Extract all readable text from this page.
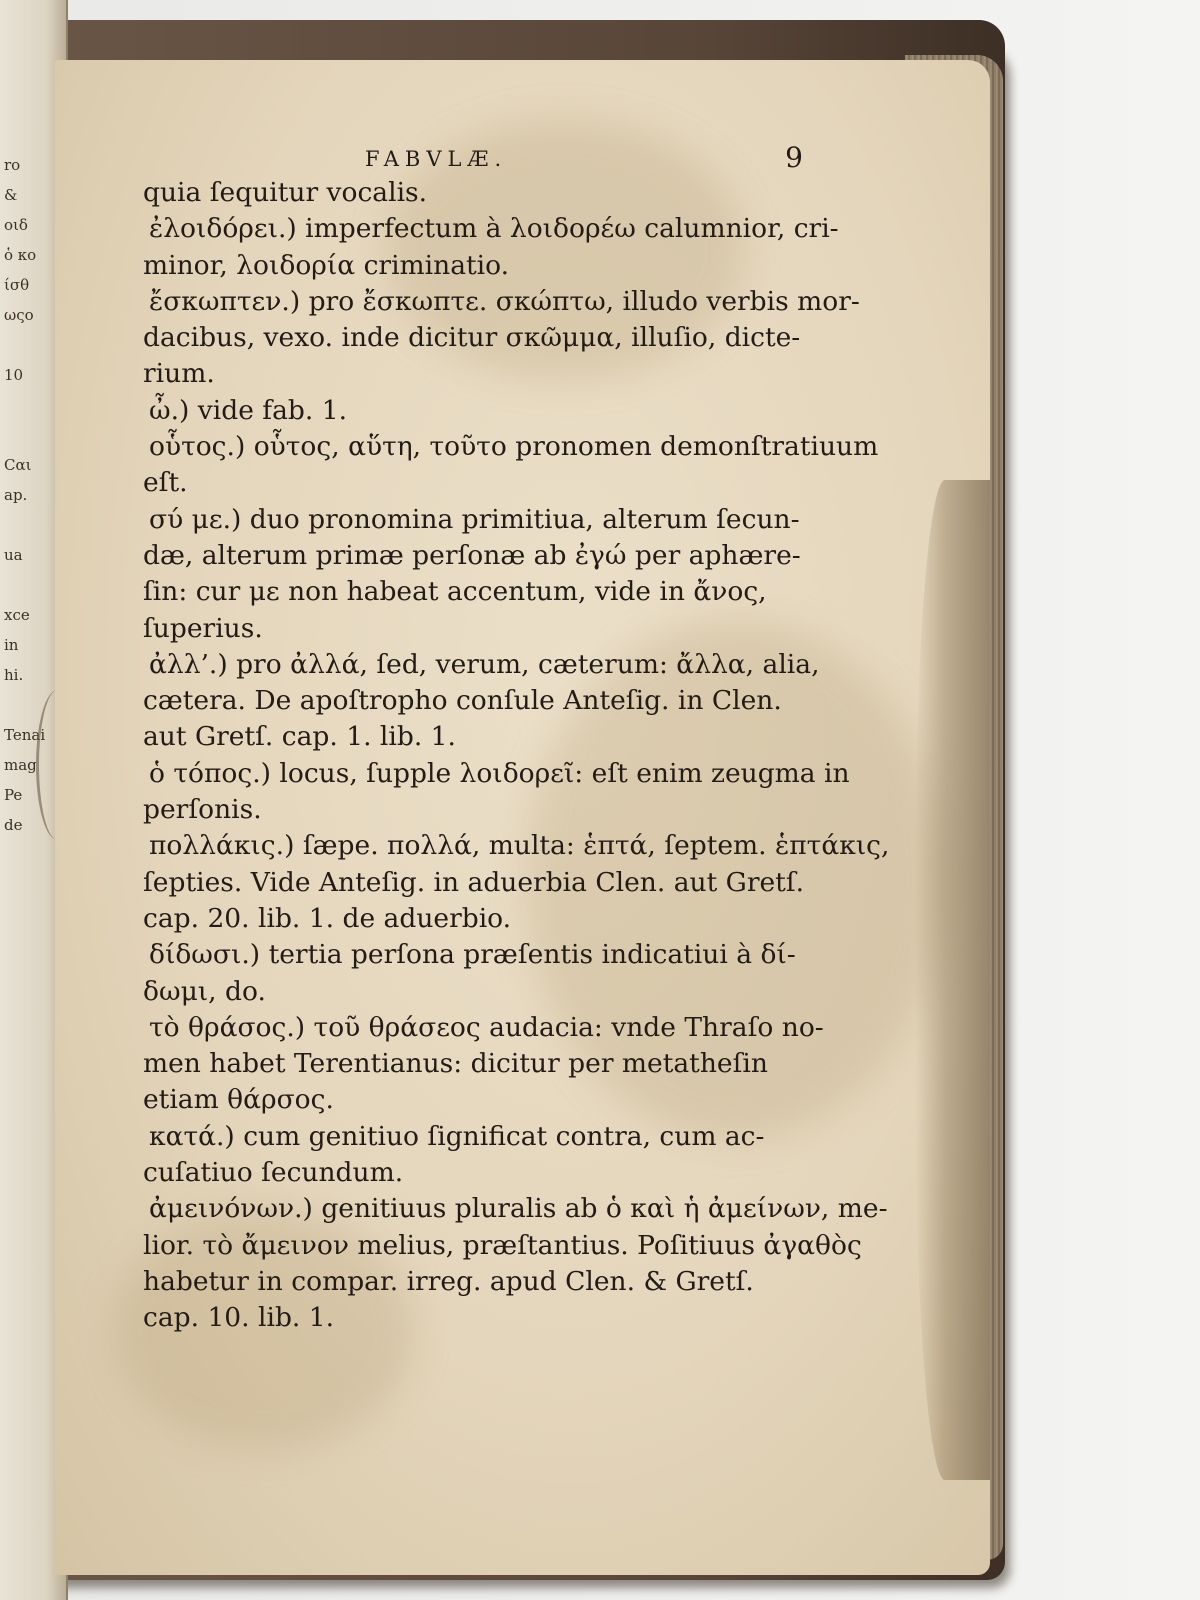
ro
&
οιδ
ὁ κο
ίσθ
ωςο
10
Cαι
ap.
ua
xce
in
hi.
Tenai
mag
Pe
de
FABVLÆ.	9
quia ſequitur vocalis.
ἐλοιδόρει.) imperfectum à λοιδορέω calumnior, cri-
minor, λοιδορία criminatio.
ἔσκωπτεν.) pro ἔσκωπτε. σκώπτω, illudo verbis mor-
dacibus, vexo. inde dicitur σκῶμμα, illuſio, dicte-
rium.
ὦ.) vide fab. 1.
οὗτος.) οὗτος, αὕτη, τοῦτο pronomen demonſtratiuum
eſt.
σύ με.) duo pronomina primitiua, alterum ſecun-
dæ, alterum primæ perſonæ ab ἐγώ per aphære-
ſin: cur με non habeat accentum, vide in ἄνος,
ſuperius.
ἀλλ’.) pro ἀλλά, ſed, verum, cæterum: ἄλλα, alia,
cætera. De apoſtropho conſule Anteſig. in Clen.
aut Gretſ. cap. 1. lib. 1.
ὁ τόπος.) locus, ſupple λοιδορεῖ: eſt enim zeugma in
perſonis.
πολλάκις.) ſæpe. πολλά, multa: ἑπτά, ſeptem. ἑπτάκις,
ſepties. Vide Anteſig. in aduerbia Clen. aut Gretſ.
cap. 20. lib. 1. de aduerbio.
δίδωσι.) tertia perſona præſentis indicatiui à δί-
δωμι, do.
τὸ θράσος.) τοῦ θράσεος audacia: vnde Thraſo no-
men habet Terentianus: dicitur per metatheſin
etiam θάρσος.
κατά.) cum genitiuo ſignificat contra, cum ac-
cuſatiuo ſecundum.
ἀμεινόνων.) genitiuus pluralis ab ὁ καὶ ἡ ἀμείνων, me-
lior. τὸ ἄμεινον melius, præſtantius. Poſitiuus ἀγαθὸς
habetur in compar. irreg. apud Clen. & Gretſ.
cap. 10. lib. 1.
